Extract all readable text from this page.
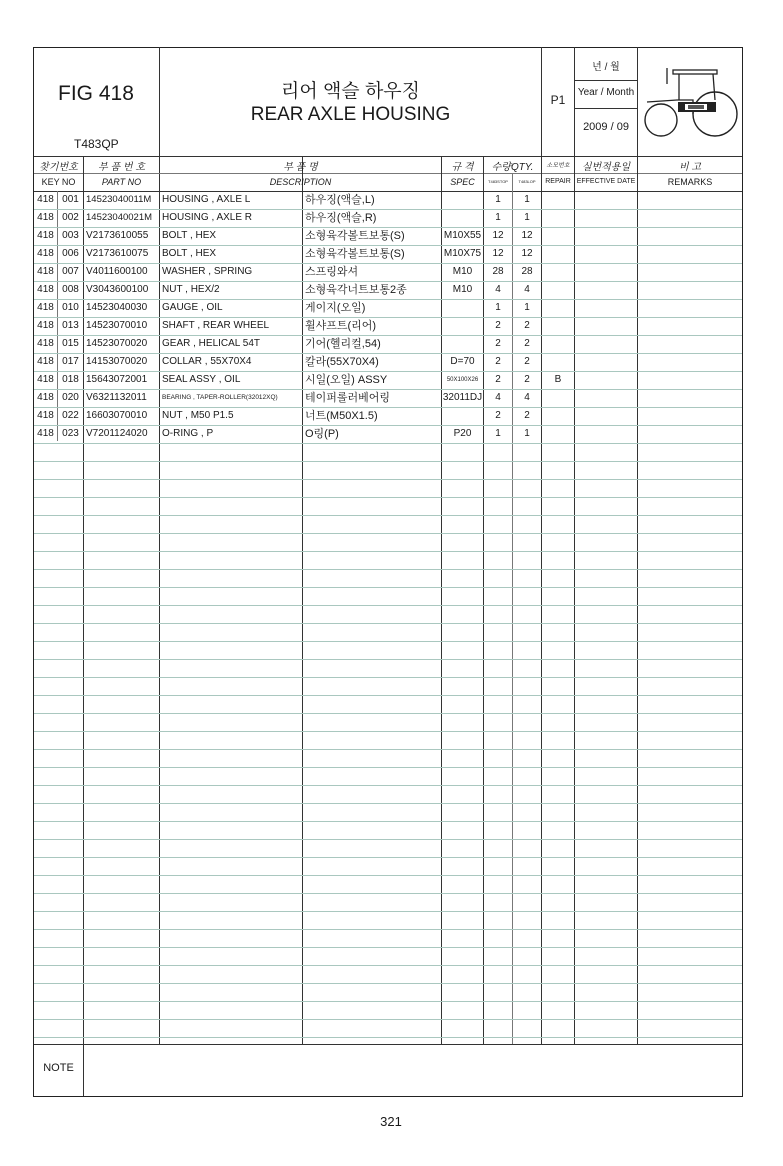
FIG 418
T483QP
리어 액슬 하우징
REAR AXLE HOUSING
P1
년 / 월
Year / Month
2009 / 09
찾기번호
KEY NO
부 품 번 호
PART NO
부 품 명
DESCRIPTION
규 격
SPEC
수량QTY.
T483STOP	T483LOP
소모번호
REPAIR
실번적용일
EFFECTIVE DATE
비 고
REMARKS
418 001 14523040011M	HOUSING , AXLE L	하우징(액슬,L)	1	1
418 002 14523040021M HOUSING , AXLE R	하우징(액슬,R)	1	1
418 003 V2173610055	BOLT , HEX	소형육각볼트보통(S)	M10X55	12	12
418 006 V2173610075	BOLT , HEX	소형육각볼트보통(S)	M10X75	12	12
418 007 V4011600100	WASHER , SPRING	스프링와셔	M10	28	28
418 008 V3043600100	NUT , HEX/2	소형육각너트보통2종	M10	4	4
418 010 14523040030	GAUGE , OIL	게이지(오일)	1	1
418 013 14523070010	SHAFT , REAR WHEEL	휠샤프트(리어)	2	2
418 015 14523070020	GEAR , HELICAL 54T	기어(헬리컬,54)	2	2
418 017 14153070020	COLLAR , 55X70X4	칼라(55X70X4)	D=70	2	2
418 018 15643072001	SEAL ASSY , OIL	시일(오일) ASSY	50X100X26	2	2	B
418 020 V6321132011	BEARING , TAPER-ROLLER(32012XQ)	테이퍼롤러베어링	32011DJ	4	4
418 022 16603070010	NUT , M50 P1.5	너트(M50X1.5)	2	2
418 023 V7201124020	O-RING , P	O링(P)	P20	1	1
NOTE
321
